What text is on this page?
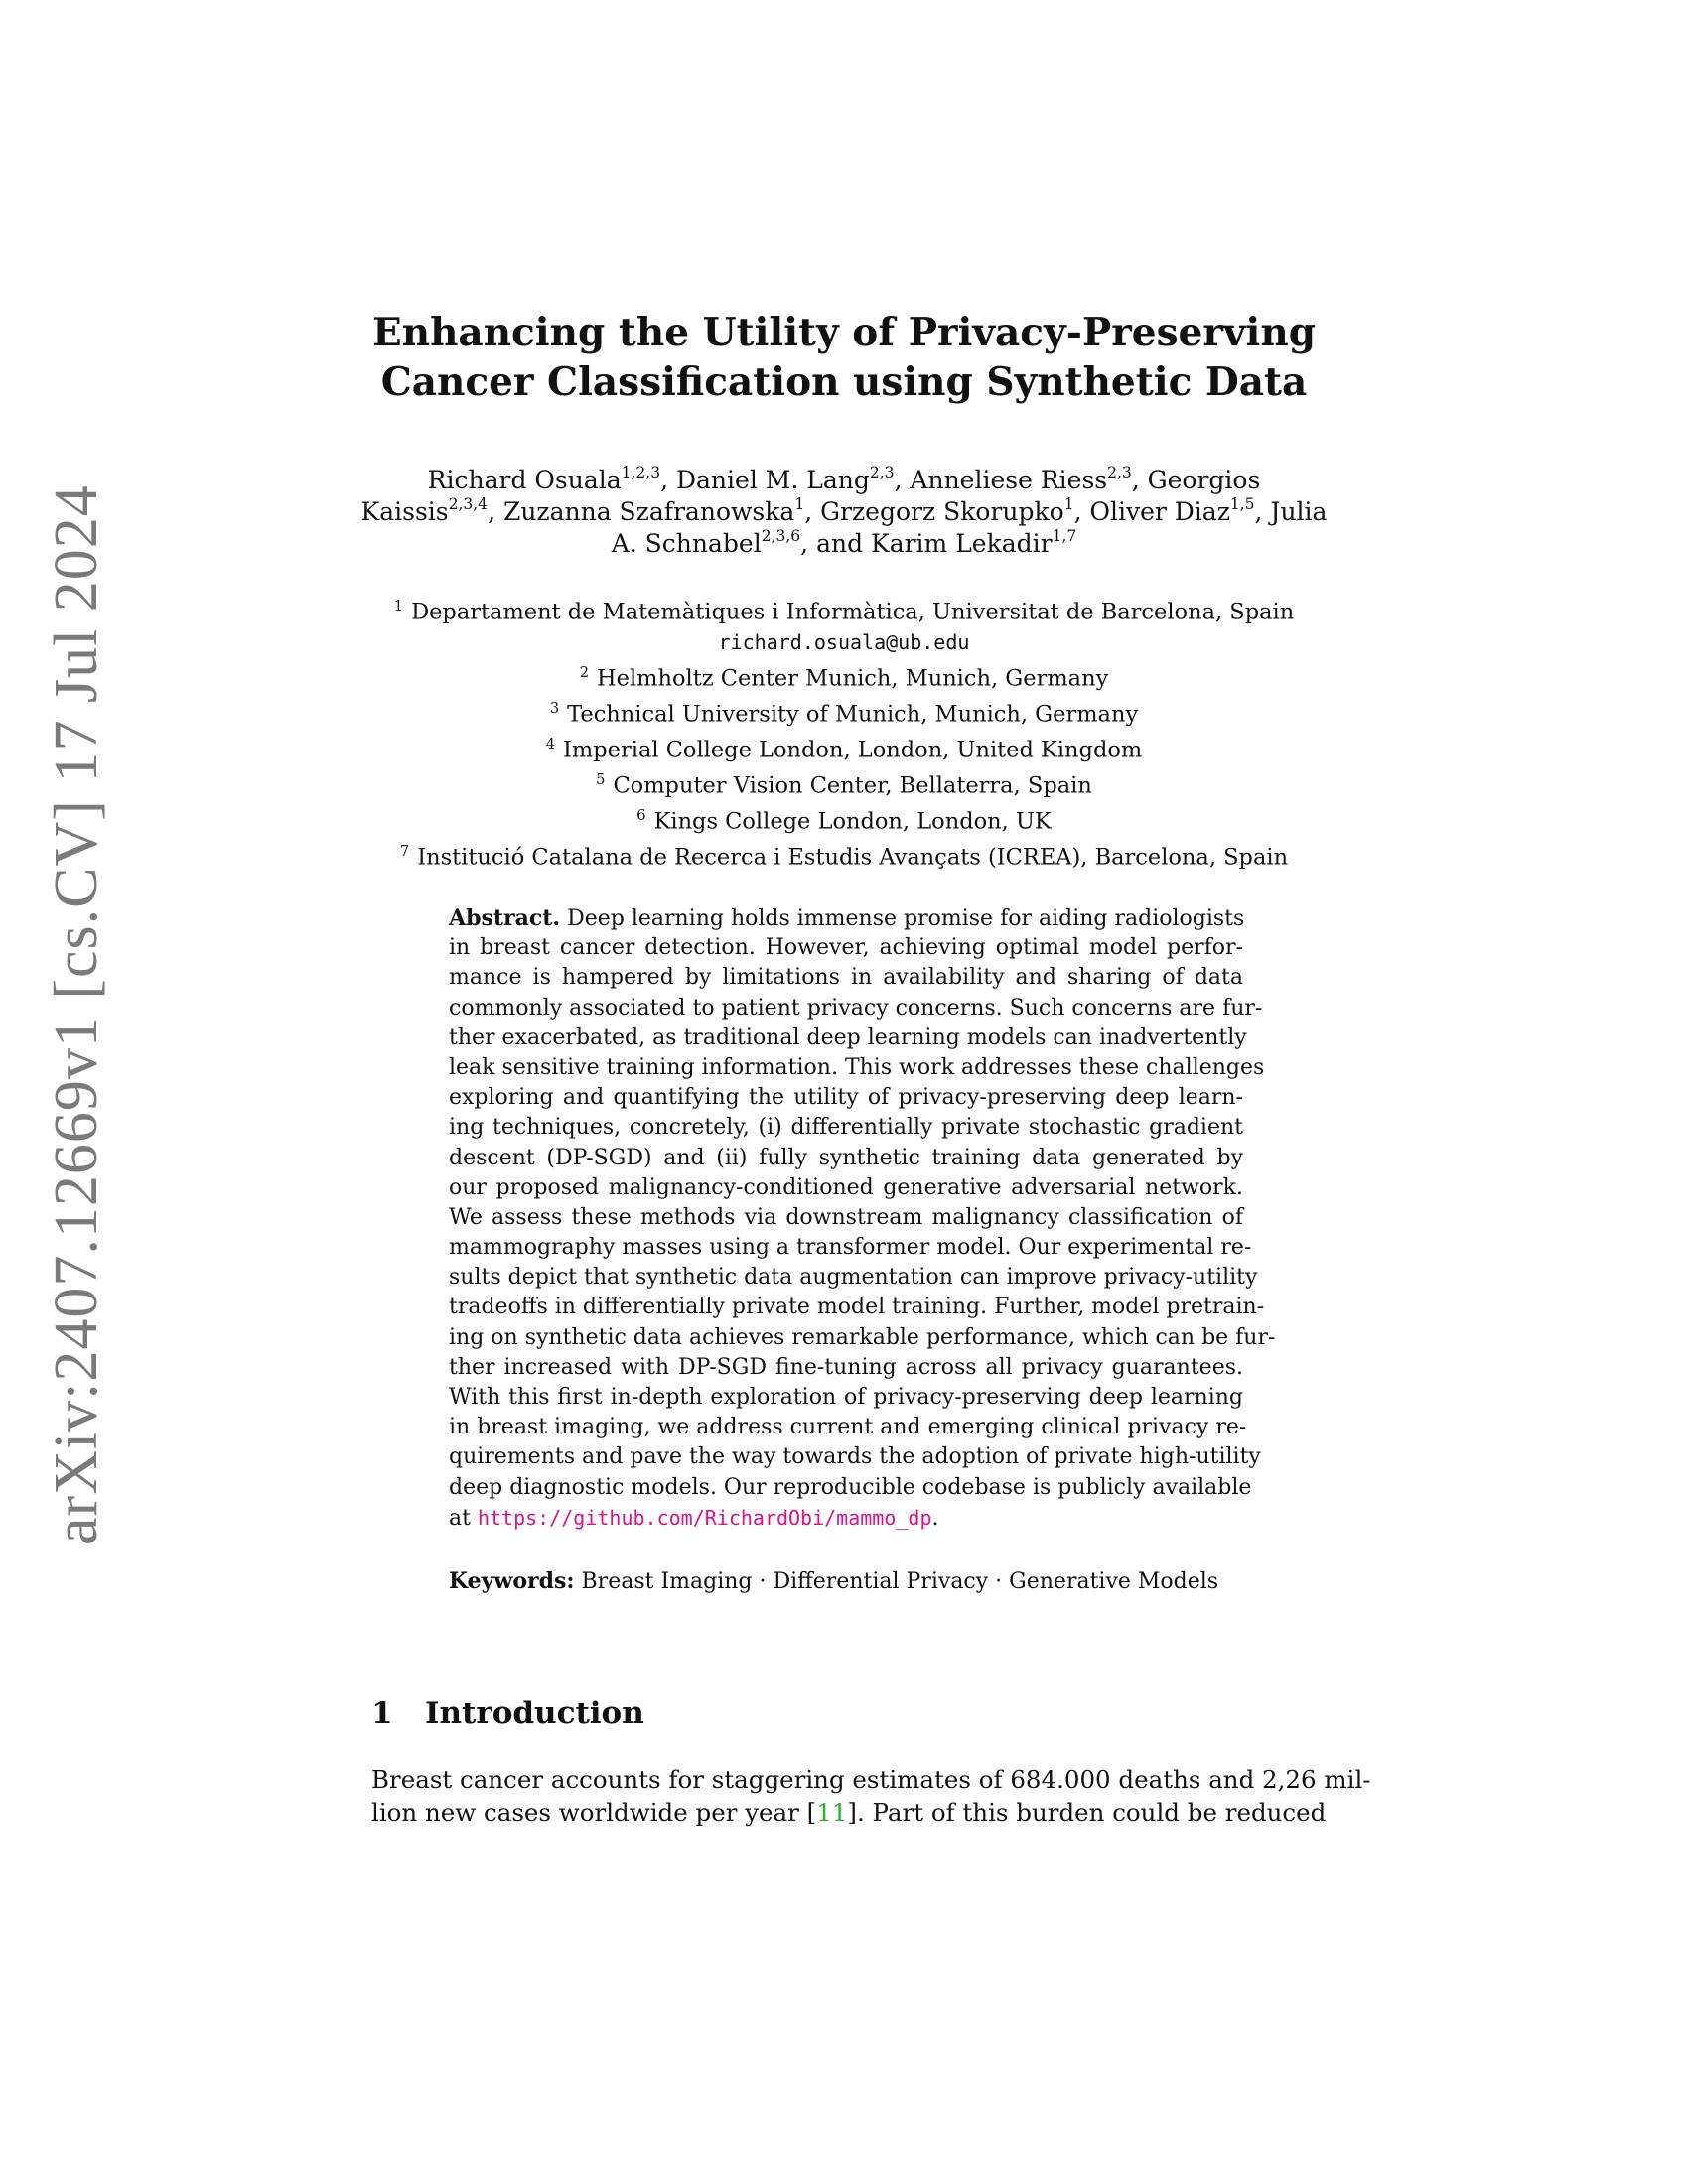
arXiv:2407.12669v1 [cs.CV] 17 Jul 2024
Enhancing the Utility of Privacy-Preserving
Cancer Classification using Synthetic Data
Richard Osuala$^{1,2,3}$, Daniel M. Lang$^{2,3}$, Anneliese Riess$^{2,3}$, Georgios
Kaissis$^{2,3,4}$, Zuzanna Szafranowska$^1$, Grzegorz Skorupko$^1$, Oliver Diaz$^{1,5}$, Julia
A. Schnabel$^{2,3,6}$, and Karim Lekadir$^{1,7}$
$^1$ Departament de Matemàtiques i Informàtica, Universitat de Barcelona, Spain
richard.osuala@ub.edu
$^2$ Helmholtz Center Munich, Munich, Germany
$^3$ Technical University of Munich, Munich, Germany
$^4$ Imperial College London, London, United Kingdom
$^5$ Computer Vision Center, Bellaterra, Spain
$^6$ Kings College London, London, UK
$^7$ Institució Catalana de Recerca i Estudis Avançats (ICREA), Barcelona, Spain
Abstract. Deep learning holds immense promise for aiding radiologists
in breast cancer detection. However, achieving optimal model perfor-
mance is hampered by limitations in availability and sharing of data
commonly associated to patient privacy concerns. Such concerns are fur-
ther exacerbated, as traditional deep learning models can inadvertently
leak sensitive training information. This work addresses these challenges
exploring and quantifying the utility of privacy-preserving deep learn-
ing techniques, concretely, (i) differentially private stochastic gradient
descent (DP-SGD) and (ii) fully synthetic training data generated by
our proposed malignancy-conditioned generative adversarial network.
We assess these methods via downstream malignancy classification of
mammography masses using a transformer model. Our experimental re-
sults depict that synthetic data augmentation can improve privacy-utility
tradeoffs in differentially private model training. Further, model pretrain-
ing on synthetic data achieves remarkable performance, which can be fur-
ther increased with DP-SGD fine-tuning across all privacy guarantees.
With this first in-depth exploration of privacy-preserving deep learning
in breast imaging, we address current and emerging clinical privacy re-
quirements and pave the way towards the adoption of private high-utility
deep diagnostic models. Our reproducible codebase is publicly available
at https://github.com/RichardObi/mammo_dp.
Keywords: Breast Imaging · Differential Privacy · Generative Models
1 Introduction
Breast cancer accounts for staggering estimates of 684.000 deaths and 2,26 mil-
lion new cases worldwide per year [11]. Part of this burden could be reduced
